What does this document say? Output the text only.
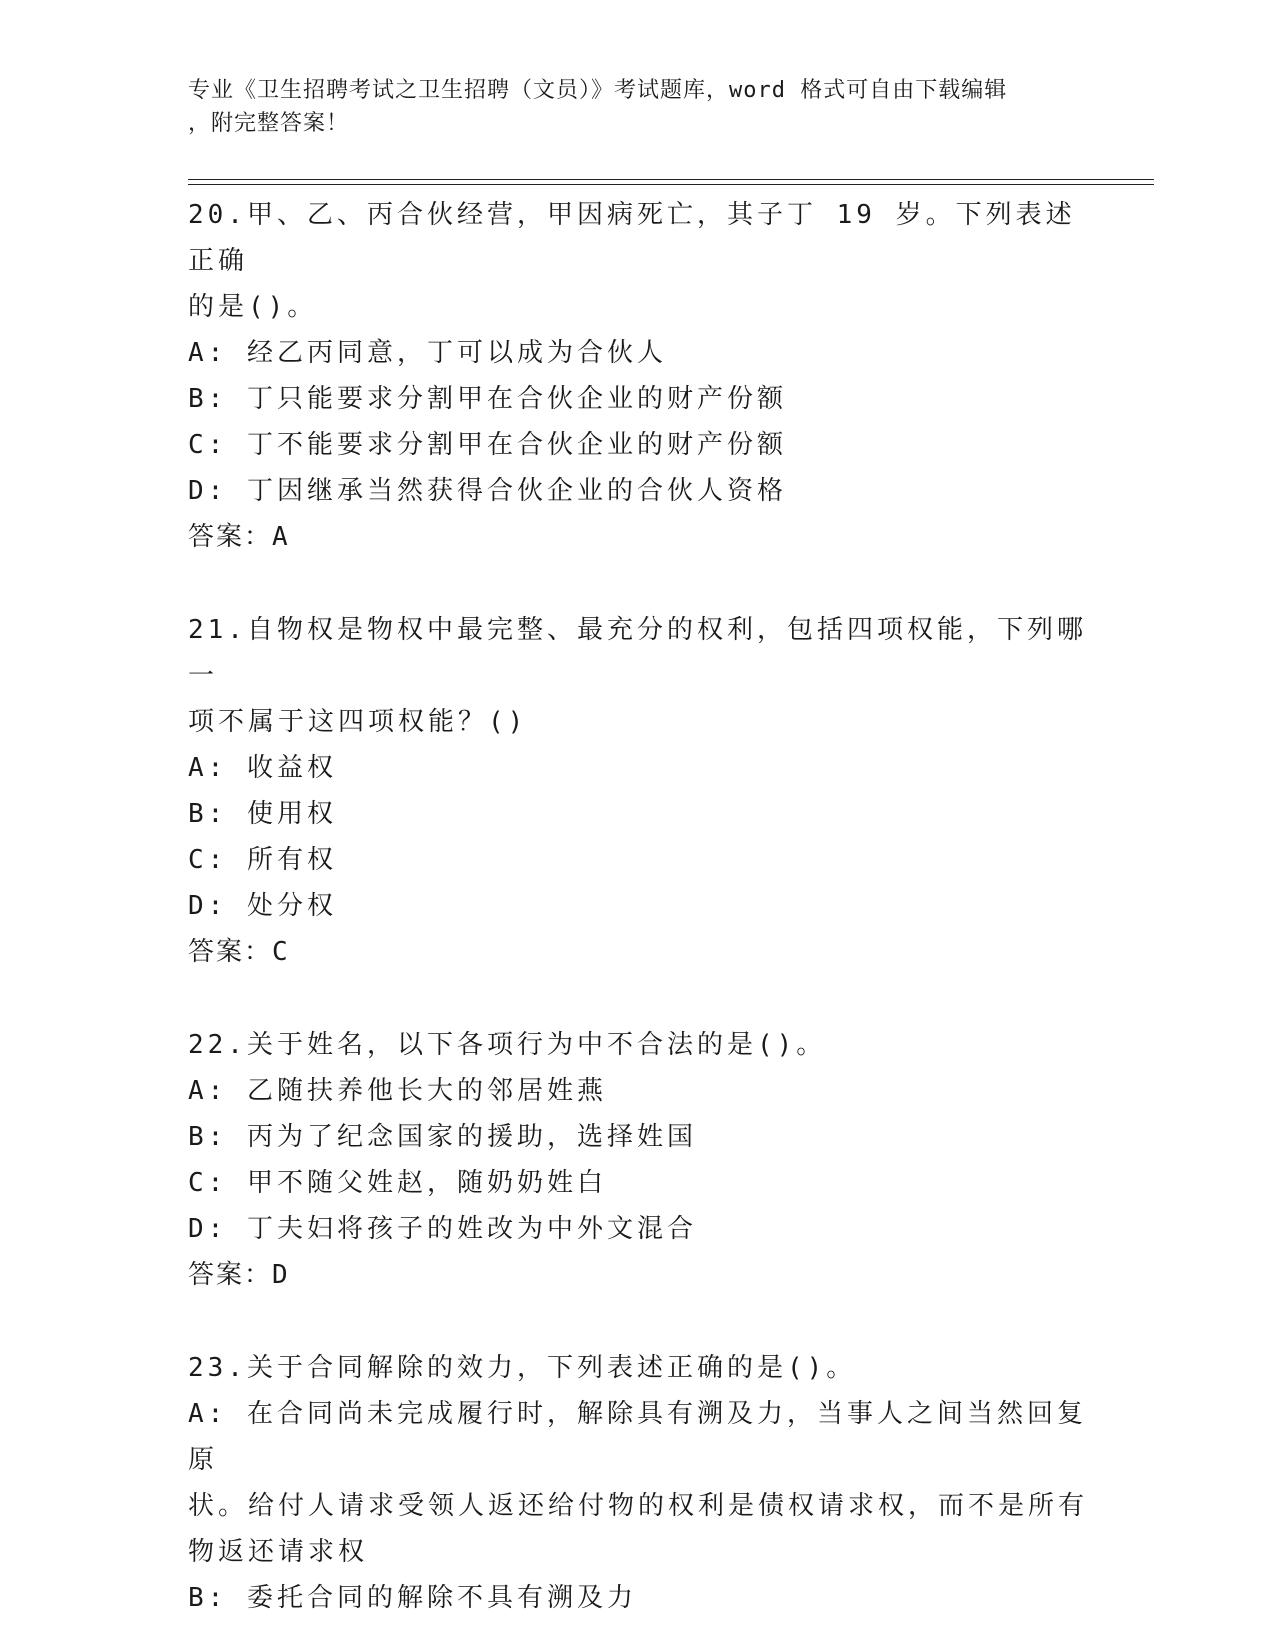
专业《卫生招聘考试之卫生招聘（文员）》考试题库，word 格式可自由下载编辑
，附完整答案！
20.甲、乙、丙合伙经营，甲因病死亡，其子丁 19 岁。下列表述正确
的是()。
A: 经乙丙同意，丁可以成为合伙人
B: 丁只能要求分割甲在合伙企业的财产份额
C: 丁不能要求分割甲在合伙企业的财产份额
D: 丁因继承当然获得合伙企业的合伙人资格
答案：A
21.自物权是物权中最完整、最充分的权利，包括四项权能，下列哪一
项不属于这四项权能？()
A: 收益权
B: 使用权
C: 所有权
D: 处分权
答案：C
22.关于姓名，以下各项行为中不合法的是()。
A: 乙随扶养他长大的邻居姓燕
B: 丙为了纪念国家的援助，选择姓国
C: 甲不随父姓赵，随奶奶姓白
D: 丁夫妇将孩子的姓改为中外文混合
答案：D
23.关于合同解除的效力，下列表述正确的是()。
A: 在合同尚未完成履行时，解除具有溯及力，当事人之间当然回复原
状。给付人请求受领人返还给付物的权利是债权请求权，而不是所有
物返还请求权
B: 委托合同的解除不具有溯及力
